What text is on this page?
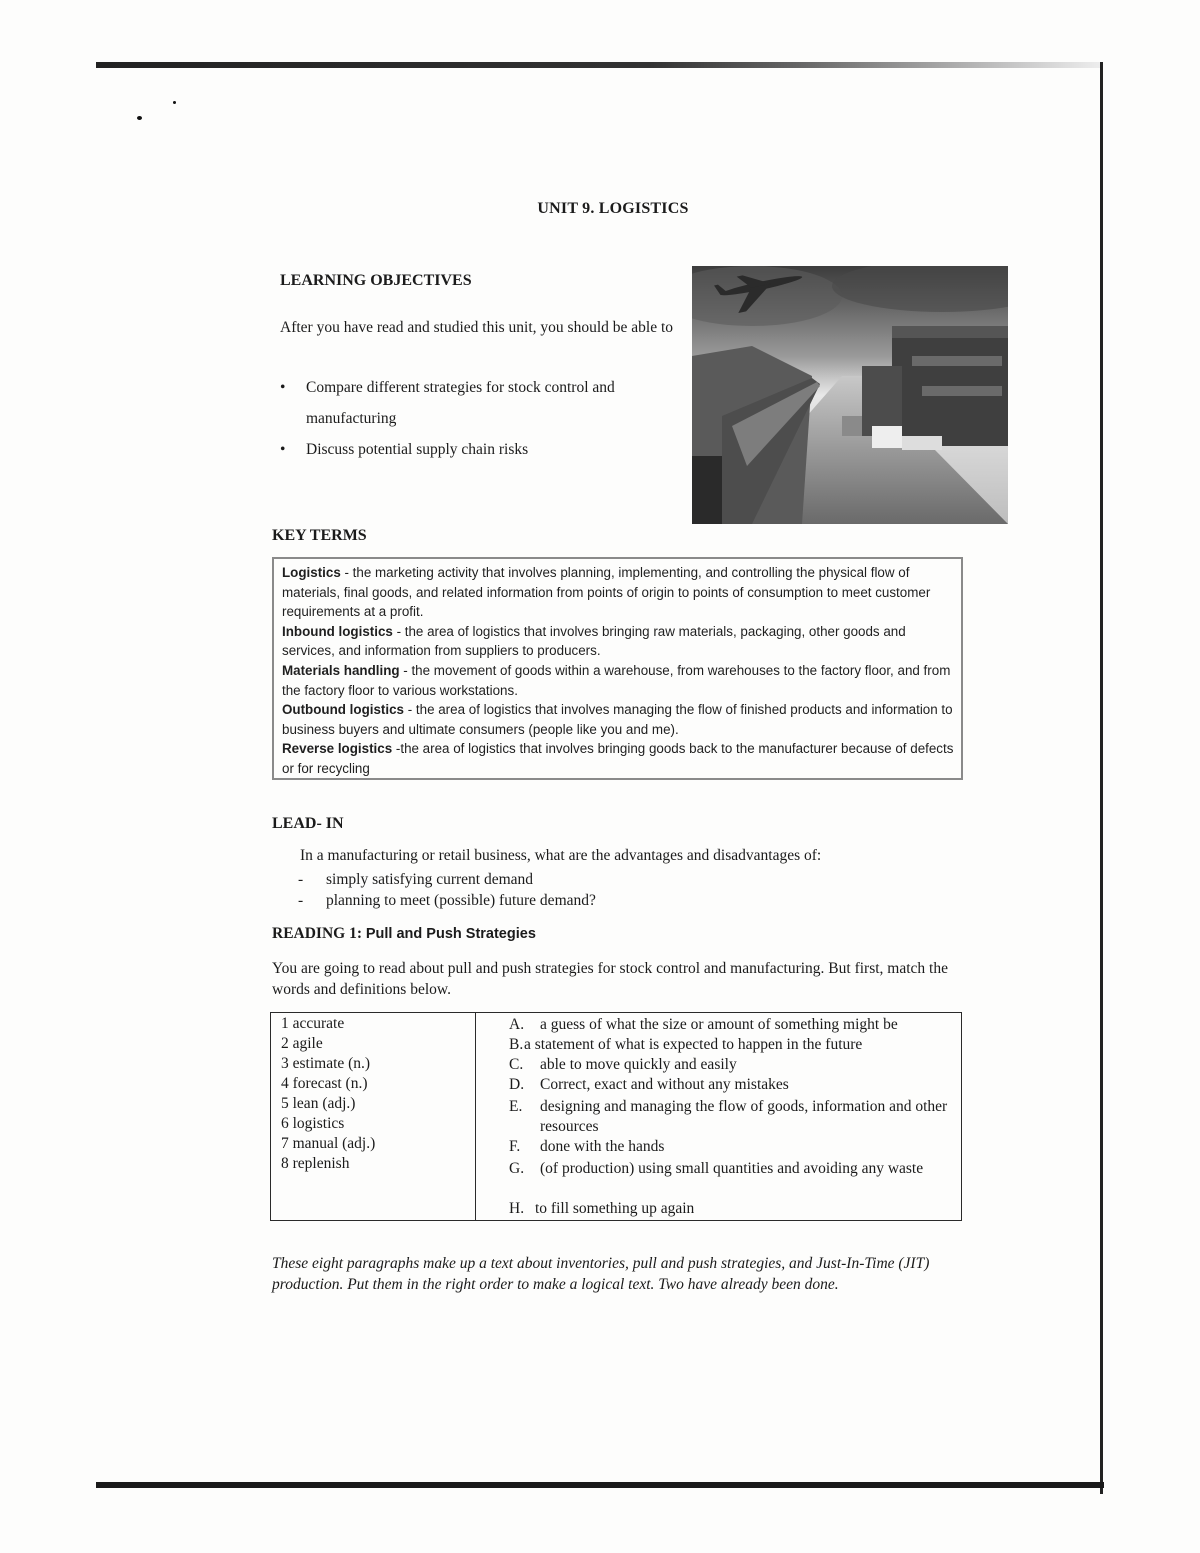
UNIT 9. LOGISTICS
LEARNING OBJECTIVES
After you have read and studied this unit, you should be able to
• Compare different strategies for stock control and manufacturing
• Discuss potential supply chain risks
KEY TERMS

Logistics - the marketing activity that involves planning, implementing, and controlling the physical flow of materials, final goods, and related information from points of origin to points of consumption to meet customer requirements at a profit.

Inbound logistics - the area of logistics that involves bringing raw materials, packaging, other goods and services, and information from suppliers to producers.

Materials handling - the movement of goods within a warehouse, from warehouses to the factory floor, and from the factory floor to various workstations.

Outbound logistics - the area of logistics that involves managing the flow of finished products and information to business buyers and ultimate consumers (people like you and me).

Reverse logistics -the area of logistics that involves bringing goods back to the manufacturer because of defects or for recycling

LEAD- IN
In a manufacturing or retail business, what are the advantages and disadvantages of:
- simply satisfying current demand
- planning to meet (possible) future demand?
READING 1: Pull and Push Strategies
You are going to read about pull and push strategies for stock control and manufacturing. But first, match the words and definitions below.
1 accurate
2 agile
3 estimate (n.)
4 forecast (n.)
5 lean (adj.)
6 logistics
7 manual (adj.)
8 replenish
A.	a guess of what the size or amount of something might be
B. a statement of what is expected to happen in the future
C.	able to move quickly and easily
D.	Correct, exact and without any mistakes
E.	designing and managing the flow of goods, information and other resources
F.	done with the hands
G.	(of production) using small quantities and avoiding any waste
H. to fill something up again
These eight paragraphs make up a text about inventories, pull and push strategies, and Just-In-Time (JIT) production. Put them in the right order to make a logical text. Two have already been done.
